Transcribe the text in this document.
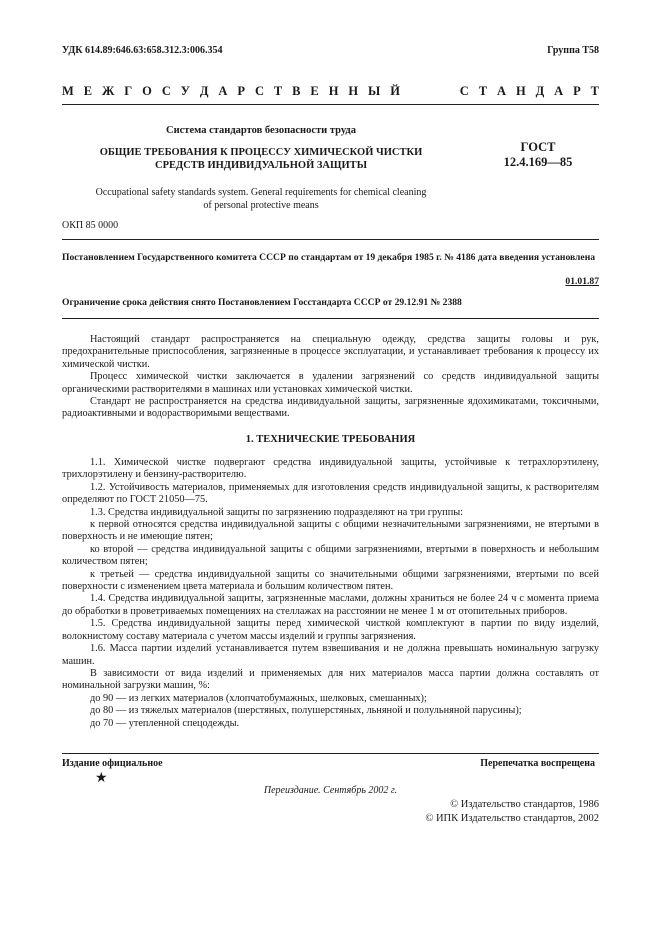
УДК 614.89:646.63:658.312.3:006.354	Группа Т58
М Е Ж Г О С У Д А Р С Т В Е Н Н Ы Й	С Т А Н Д А Р Т
Система стандартов безопасности труда
ОБЩИЕ ТРЕБОВАНИЯ К ПРОЦЕССУ ХИМИЧЕСКОЙ ЧИСТКИ
СРЕДСТВ ИНДИВИДУАЛЬНОЙ ЗАЩИТЫ
ГОСТ
12.4.169—85
Occupational safety standards system. General requirements for chemical cleaning
of personal protective means
ОКП 85 0000
Постановлением Государственного комитета СССР по стандартам от 19 декабря 1985 г. № 4186 дата введения установлена
01.01.87
Ограничение срока действия снято Постановлением Госстандарта СССР от 29.12.91 № 2388

Настоящий стандарт распространяется на специальную одежду, средства защиты головы и рук, предохранительные приспособления, загрязненные в процессе эксплуатации, и устанавливает требования к процессу их химической чистки.

Процесс химической чистки заключается в удалении загрязнений со средств индивидуальной защиты органическими растворителями в машинах или установках химической чистки.

Стандарт не распространяется на средства индивидуальной защиты, загрязненные ядохимикатами, токсичными, радиоактивными и водорастворимыми веществами.

1. ТЕХНИЧЕСКИЕ ТРЕБОВАНИЯ

1.1. Химической чистке подвергают средства индивидуальной защиты, устойчивые к тетрахлорэтилену, трихлорэтилену и бензину-растворителю.

1.2. Устойчивость материалов, применяемых для изготовления средств индивидуальной защиты, к растворителям определяют по ГОСТ 21050—75.

1.3. Средства индивидуальной защиты по загрязнению подразделяют на три группы:

к первой относятся средства индивидуальной защиты с общими незначительными загрязнениями, не втертыми в поверхность и не имеющие пятен;

ко второй — средства индивидуальной защиты с общими загрязнениями, втертыми в поверхность и небольшим количеством пятен;

к третьей — средства индивидуальной защиты со значительными общими загрязнениями, втертыми по всей поверхности с изменением цвета материала и большим количеством пятен.

1.4. Средства индивидуальной защиты, загрязненные маслами, должны храниться не более 24 ч с момента приема до обработки в проветриваемых помещениях на стеллажах на расстоянии не менее 1 м от отопительных приборов.

1.5. Средства индивидуальной защиты перед химической чисткой комплектуют в партии по виду изделий, волокнистому составу материала с учетом массы изделий и группы загрязнения.

1.6. Масса партии изделий устанавливается путем взвешивания и не должна превышать номинальную загрузку машин.

В зависимости от вида изделий и применяемых для них материалов масса партии должна составлять от номинальной загрузки машин, %:

до 90 — из легких материалов (хлопчатобумажных, шелковых, смешанных);

до 80 — из тяжелых материалов (шерстяных, полушерстяных, льняной и полульняной парусины);

до 70 — утепленной спецодежды.

Издание официальное	Перепечатка воспрещена
★
Переиздание. Сентябрь 2002 г.
© Издательство стандартов, 1986
© ИПК Издательство стандартов, 2002
